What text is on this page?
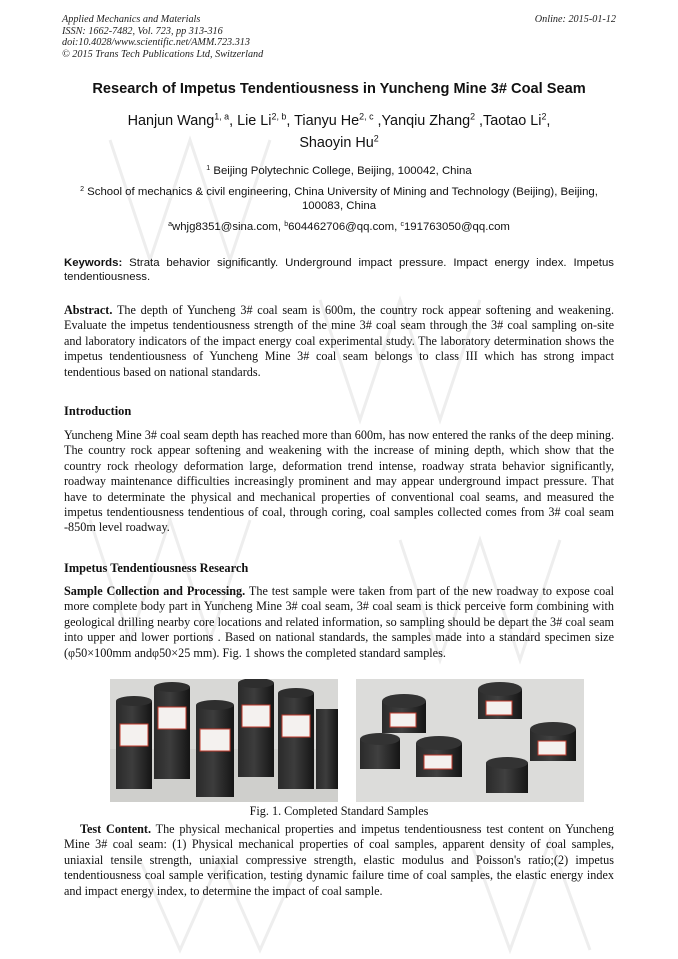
Applied Mechanics and Materials
ISSN: 1662-7482, Vol. 723, pp 313-316
doi:10.4028/www.scientific.net/AMM.723.313
© 2015 Trans Tech Publications Ltd, Switzerland
Online: 2015-01-12
Research of Impetus Tendentiousness in Yuncheng Mine 3# Coal Seam
Hanjun Wang$^{1, a}$, Lie Li$^{2, b}$, Tianyu He$^{2, c}$ ,Yanqiu Zhang$^2$ ,Taotao Li$^2$,
Shaoyin Hu$^2$
$^1$ Beijing Polytechnic College, Beijing, 100042, China
$^2$ School of mechanics & civil engineering, China University of Mining and Technology (Beijing), Beijing, 100083, China
$^a$whjg8351@sina.com, $^b$604462706@qq.com, $^c$191763050@qq.com
Keywords: Strata behavior significantly. Underground impact pressure. Impact energy index. Impetus tendentiousness.
Abstract. The depth of Yuncheng 3# coal seam is 600m, the country rock appear softening and weakening. Evaluate the impetus tendentiousness strength of the mine 3# coal seam through the 3# coal sampling on-site and laboratory indicators of the impact energy coal experimental study. The laboratory determination shows the impetus tendentiousness of Yuncheng Mine 3# coal seam belongs to class III which has strong impact tendentious based on national standards.
Introduction
Yuncheng Mine 3# coal seam depth has reached more than 600m, has now entered the ranks of the deep mining. The country rock appear softening and weakening with the increase of mining depth, which show that the country rock rheology deformation large, deformation trend intense, roadway strata behavior significantly, roadway maintenance difficulties increasingly prominent and may appear underground impact pressure. That have to determinate the physical and mechanical properties of conventional coal seams, and measured the impetus tendentiousness tendentious of coal, through coring, coal samples collected comes from 3# coal seam -850m level roadway.
Impetus Tendentiousness Research
Sample Collection and Processing. The test sample were taken from part of the new roadway to expose coal more complete body part in Yuncheng Mine 3# coal seam, 3# coal seam is thick perceive form combining with geological drilling nearby core locations and related information, so sampling should be depart the 3# coal seam into upper and lower portions . Based on national standards, the samples made into a standard specimen size (φ50×100mm andφ50×25 mm). Fig. 1 shows the completed standard samples.
Fig. 1. Completed Standard Samples
Test Content. The physical mechanical properties and impetus tendentiousness test content on Yuncheng Mine 3# coal seam: (1) Physical mechanical properties of coal samples, apparent density of coal samples, uniaxial tensile strength, uniaxial compressive strength, elastic modulus and Poisson's ratio;(2) impetus tendentiousness coal sample verification, testing dynamic failure time of coal samples, the elastic energy index and impact energy index, to determine the impact of coal sample.
